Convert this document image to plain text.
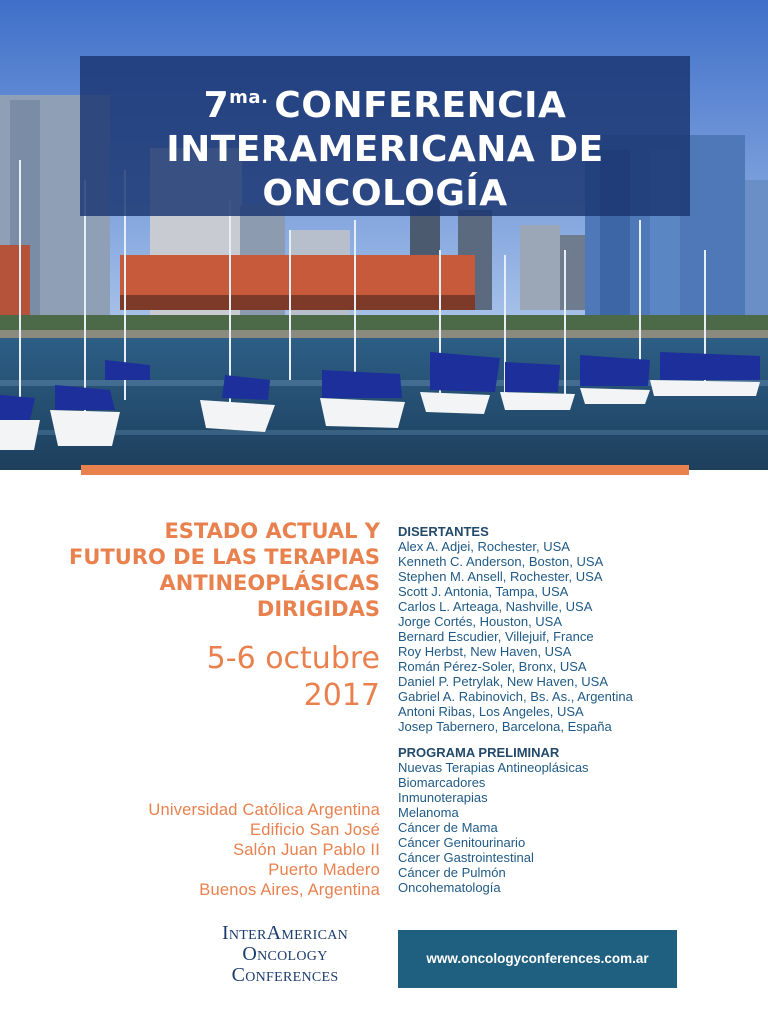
$7^{ma.}$ CONFERENCIA
INTERAMERICANA DE
ONCOLOGÍA
ESTADO ACTUAL Y
FUTURO DE LAS TERAPIAS
ANTINEOPLÁSICAS
DIRIGIDAS
5-6 octubre
2017
Universidad Católica Argentina
Edificio San José
Salón Juan Pablo II
Puerto Madero
Buenos Aires, Argentina
DISERTANTES
Alex A. Adjei, Rochester, USA
Kenneth C. Anderson, Boston, USA
Stephen M. Ansell, Rochester, USA
Scott J. Antonia, Tampa, USA
Carlos L. Arteaga, Nashville, USA
Jorge Cortés, Houston, USA
Bernard Escudier, Villejuif, France
Roy Herbst, New Haven, USA
Román Pérez-Soler, Bronx, USA
Daniel P. Petrylak, New Haven, USA
Gabriel A. Rabinovich, Bs. As., Argentina
Antoni Ribas, Los Angeles, USA
Josep Tabernero, Barcelona, España
PROGRAMA PRELIMINAR
Nuevas Terapias Antineoplásicas
Biomarcadores
Inmunoterapias
Melanoma
Cáncer de Mama
Cáncer Genitourinario
Cáncer Gastrointestinal
Cáncer de Pulmón
Oncohematología
InterAmerican
Oncology
Conferences
www.oncologyconferences.com.ar
